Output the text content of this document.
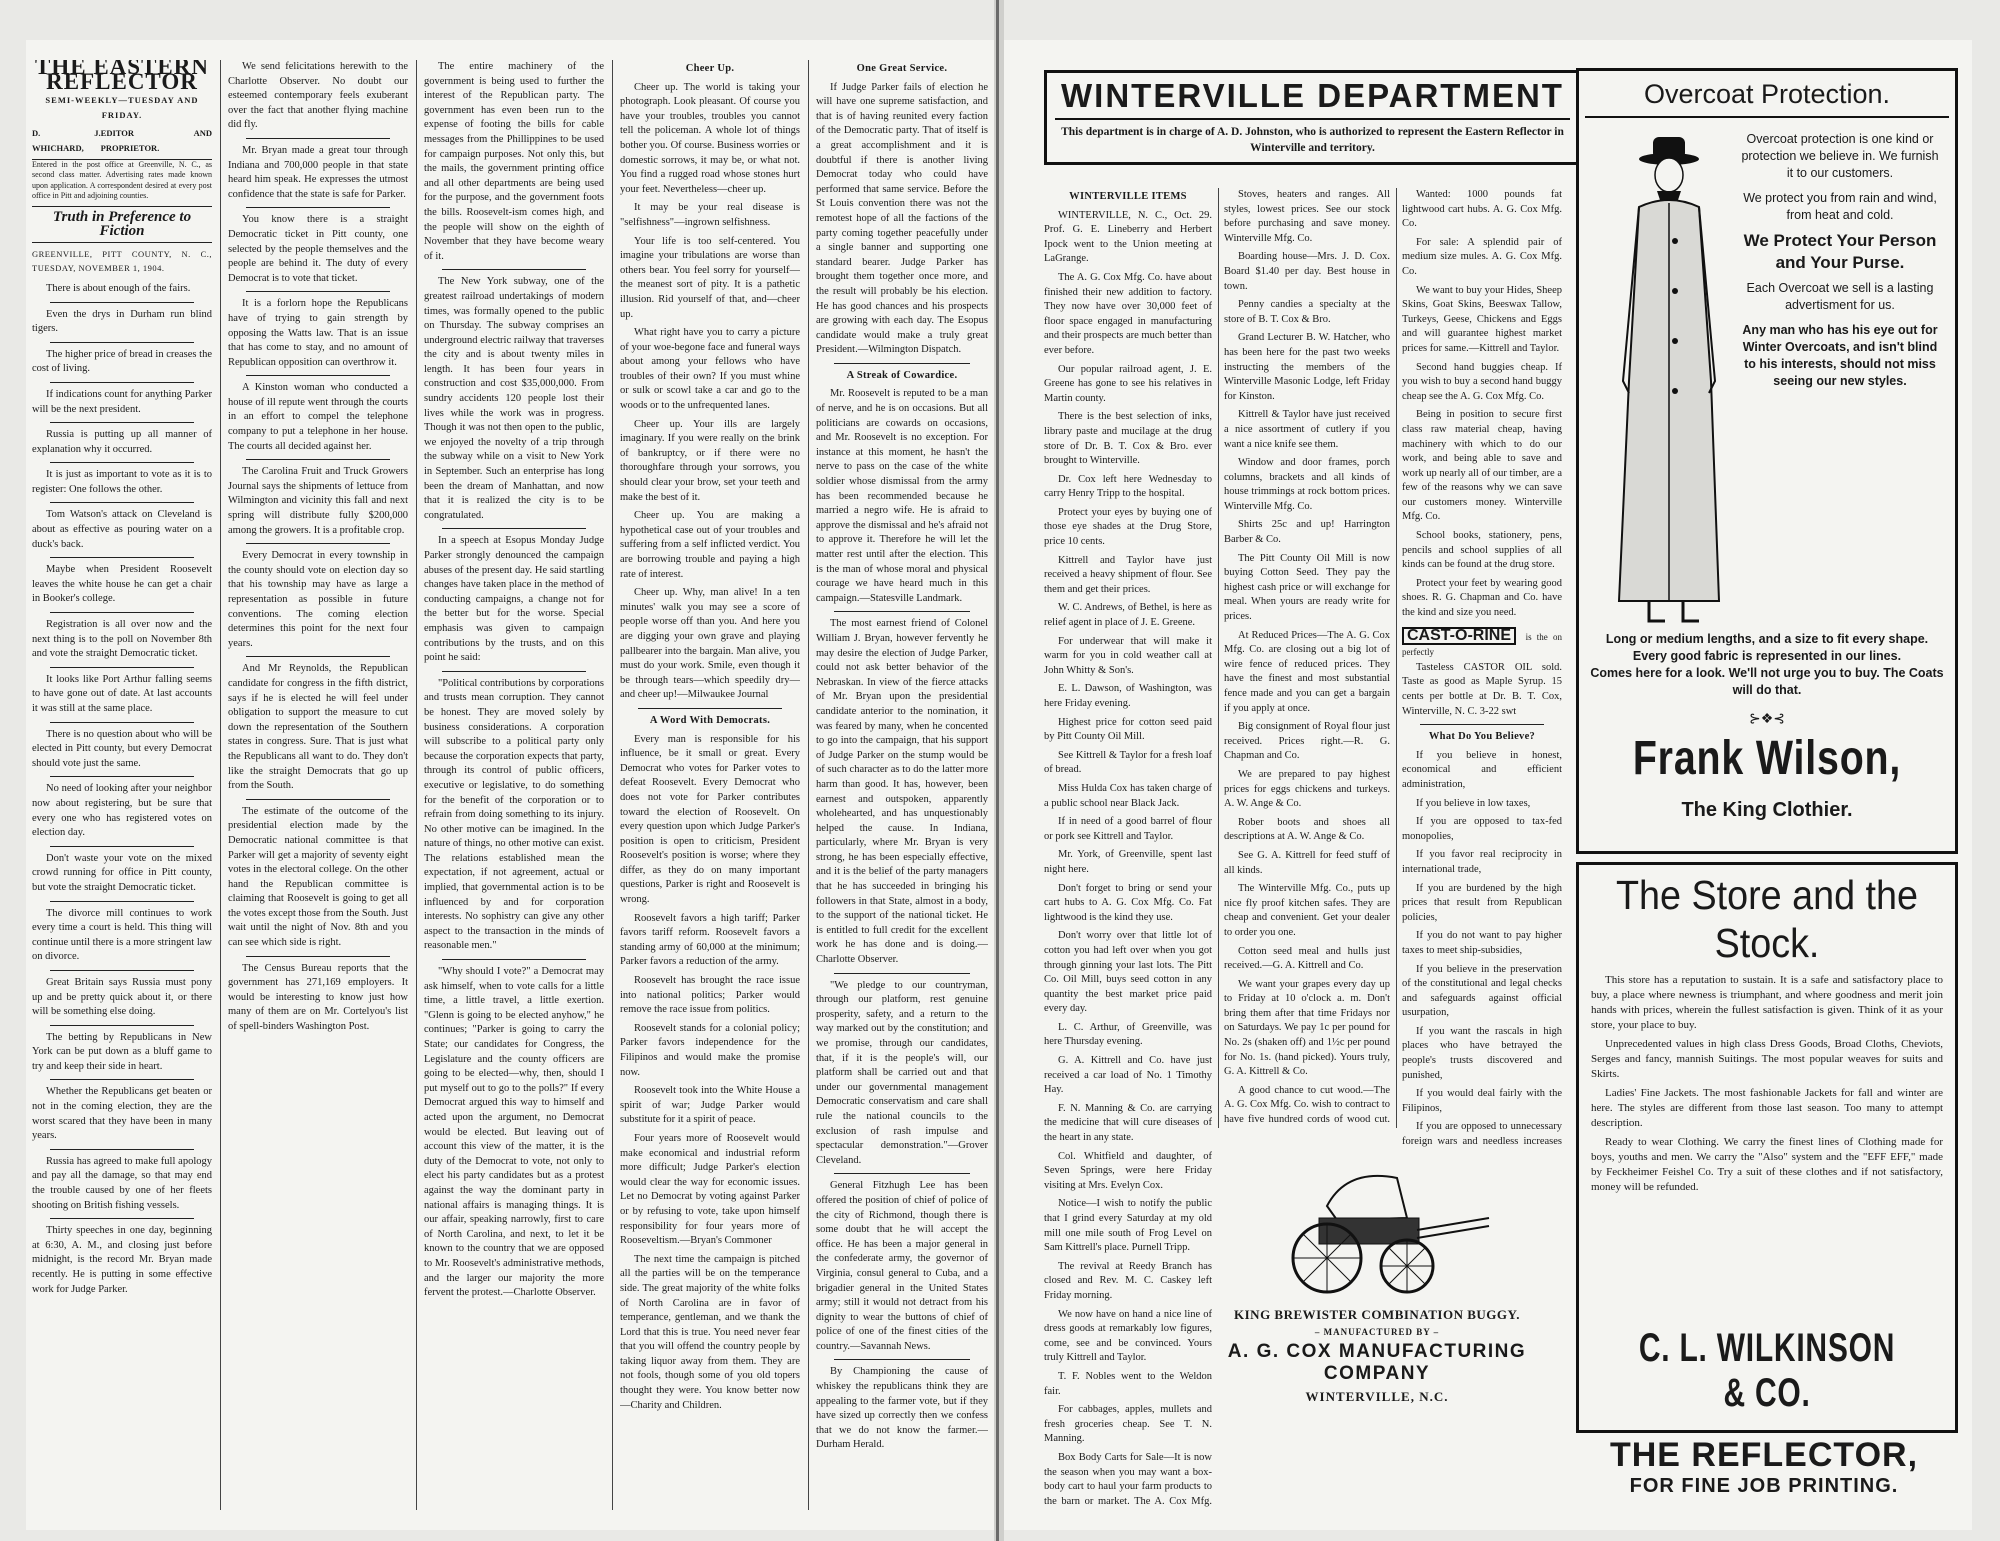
THE EASTERN REFLECTOR

SEMI-WEEKLY—TUESDAY AND FRIDAY.

D. J. WHICHARD,
EDITOR AND PROPRIETOR.

Entered in the post office at Greenville, N. C., as second class matter. Advertising rates made known upon application. A correspondent desired at every post office in Pitt and adjoining counties.

Truth in Preference to Fiction

GREENVILLE, PITT COUNTY, N. C., TUESDAY, NOVEMBER 1, 1904.

There is about enough of the fairs.

Even the drys in Durham run blind tigers.

The higher price of bread in creases the cost of living.

If indications count for anything Parker will be the next president.

Russia is putting up all manner of explanation why it occurred.

It is just as important to vote as it is to register: One follows the other.

Tom Watson's attack on Cleveland is about as effective as pouring water on a duck's back.

Maybe when President Roosevelt leaves the white house he can get a chair in Booker's college.

Registration is all over now and the next thing is to the poll on November 8th and vote the straight Democratic ticket.

It looks like Port Arthur falling seems to have gone out of date. At last accounts it was still at the same place.

There is no question about who will be elected in Pitt county, but every Democrat should vote just the same.

No need of looking after your neighbor now about registering, but be sure that every one who has registered votes on election day.

Don't waste your vote on the mixed crowd running for office in Pitt county, but vote the straight Democratic ticket.

The divorce mill continues to work every time a court is held. This thing will continue until there is a more stringent law on divorce.

Great Britain says Russia must pony up and be pretty quick about it, or there will be something else doing.

The betting by Republicans in New York can be put down as a bluff game to try and keep their side in heart.

Whether the Republicans get beaten or not in the coming election, they are the worst scared that they have been in many years.

Russia has agreed to make full apology and pay all the damage, so that may end the trouble caused by one of her fleets shooting on British fishing vessels.

Thirty speeches in one day, beginning at 6:30, A. M., and closing just before midnight, is the record Mr. Bryan made recently. He is putting in some effective work for Judge Parker.

We send felicitations herewith to the Charlotte Observer. No doubt our esteemed contemporary feels exuberant over the fact that another flying machine did fly.

Mr. Bryan made a great tour through Indiana and 700,000 people in that state heard him speak. He expresses the utmost confidence that the state is safe for Parker.

You know there is a straight Democratic ticket in Pitt county, one selected by the people themselves and the people are behind it. The duty of every Democrat is to vote that ticket.

It is a forlorn hope the Republicans have of trying to gain strength by opposing the Watts law. That is an issue that has come to stay, and no amount of Republican opposition can overthrow it.

A Kinston woman who conducted a house of ill repute went through the courts in an effort to compel the telephone company to put a telephone in her house. The courts all decided against her.

The Carolina Fruit and Truck Growers Journal says the shipments of lettuce from Wilmington and vicinity this fall and next spring will distribute fully $200,000 among the growers. It is a profitable crop.

Every Democrat in every township in the county should vote on election day so that his township may have as large a representation as possible in future conventions. The coming election determines this point for the next four years.

And Mr Reynolds, the Republican candidate for congress in the fifth district, says if he is elected he will feel under obligation to support the measure to cut down the representation of the Southern states in congress. Sure. That is just what the Republicans all want to do. They don't like the straight Democrats that go up from the South.

The estimate of the outcome of the presidential election made by the Democratic national committee is that Parker will get a majority of seventy eight votes in the electoral college. On the other hand the Republican committee is claiming that Roosevelt is going to get all the votes except those from the South. Just wait until the night of Nov. 8th and you can see which side is right.

The Census Bureau reports that the government has 271,169 employers. It would be interesting to know just how many of them are on Mr. Cortelyou's list of spell-binders Washington Post.

The entire machinery of the government is being used to further the interest of the Republican party. The government has even been run to the expense of footing the bills for cable messages from the Phillippines to be used for campaign purposes. Not only this, but the mails, the government printing office and all other departments are being used for the purpose, and the government foots the bills. Roosevelt-ism comes high, and the people will show on the eighth of November that they have become weary of it.

The New York subway, one of the greatest railroad undertakings of modern times, was formally opened to the public on Thursday. The subway comprises an underground electric railway that traverses the city and is about twenty miles in length. It has been four years in construction and cost $35,000,000. From sundry accidents 120 people lost their lives while the work was in progress. Though it was not then open to the public, we enjoyed the novelty of a trip through the subway while on a visit to New York in September. Such an enterprise has long been the dream of Manhattan, and now that it is realized the city is to be congratulated.

In a speech at Esopus Monday Judge Parker strongly denounced the campaign abuses of the present day. He said startling changes have taken place in the method of conducting campaigns, a change not for the better but for the worse. Special emphasis was given to campaign contributions by the trusts, and on this point he said:

"Political contributions by corporations and trusts mean corruption. They cannot be honest. They are moved solely by business considerations. A corporation will subscribe to a political party only because the corporation expects that party, through its control of public officers, executive or legislative, to do something for the benefit of the corporation or to refrain from doing something to its injury. No other motive can be imagined. In the nature of things, no other motive can exist. The relations established mean the expectation, if not agreement, actual or implied, that governmental action is to be influenced by and for corporation interests. No sophistry can give any other aspect to the transaction in the minds of reasonable men."

"Why should I vote?" a Democrat may ask himself, when to vote calls for a little time, a little travel, a little exertion. "Glenn is going to be elected anyhow," he continues; "Parker is going to carry the State; our candidates for Congress, the Legislature and the county officers are going to be elected—why, then, should I put myself out to go to the polls?" If every Democrat argued this way to himself and acted upon the argument, no Democrat would be elected. But leaving out of account this view of the matter, it is the duty of the Democrat to vote, not only to elect his party candidates but as a protest against the way the dominant party in national affairs is managing things. It is our affair, speaking narrowly, first to care of North Carolina, and next, to let it be known to the country that we are opposed to Mr. Roosevelt's administrative methods, and the larger our majority the more fervent the protest.—Charlotte Observer.

Cheer Up.

Cheer up. The world is taking your photograph. Look pleasant. Of course you have your troubles, troubles you cannot tell the policeman. A whole lot of things bother you. Of course. Business worries or domestic sorrows, it may be, or what not. You find a rugged road whose stones hurt your feet. Nevertheless—cheer up.

It may be your real disease is "selfishness"—ingrown selfishness.

Your life is too self-centered. You imagine your tribulations are worse than others bear. You feel sorry for yourself—the meanest sort of pity. It is a pathetic illusion. Rid yourself of that, and—cheer up.

What right have you to carry a picture of your woe-begone face and funeral ways about among your fellows who have troubles of their own? If you must whine or sulk or scowl take a car and go to the woods or to the unfrequented lanes.

Cheer up. Your ills are largely imaginary. If you were really on the brink of bankruptcy, or if there were no thoroughfare through your sorrows, you should clear your brow, set your teeth and make the best of it.

Cheer up. You are making a hypothetical case out of your troubles and suffering from a self inflicted verdict. You are borrowing trouble and paying a high rate of interest.

Cheer up. Why, man alive! In a ten minutes' walk you may see a score of people worse off than you. And here you are digging your own grave and playing pallbearer into the bargain. Man alive, you must do your work. Smile, even though it be through tears—which speedily dry—and cheer up!—Milwaukee Journal

A Word With Democrats.

Every man is responsible for his influence, be it small or great. Every Democrat who votes for Parker votes to defeat Roosevelt. Every Democrat who does not vote for Parker contributes toward the election of Roosevelt. On every question upon which Judge Parker's position is open to criticism, President Roosevelt's position is worse; where they differ, as they do on many important questions, Parker is right and Roosevelt is wrong.

Roosevelt favors a high tariff; Parker favors tariff reform. Roosevelt favors a standing army of 60,000 at the minimum; Parker favors a reduction of the army.

Roosevelt has brought the race issue into national politics; Parker would remove the race issue from politics.

Roosevelt stands for a colonial policy; Parker favors independence for the Filipinos and would make the promise now.

Roosevelt took into the White House a spirit of war; Judge Parker would substitute for it a spirit of peace.

Four years more of Roosevelt would make economical and industrial reform more difficult; Judge Parker's election would clear the way for economic issues. Let no Democrat by voting against Parker or by refusing to vote, take upon himself responsibility for four years more of Rooseveltism.—Bryan's Commoner

The next time the campaign is pitched all the parties will be on the temperance side. The great majority of the white folks of North Carolina are in favor of temperance, gentleman, and we thank the Lord that this is true. You need never fear that you will offend the country people by taking liquor away from them. They are not fools, though some of you old topers thought they were. You know better now—Charity and Children.

One Great Service.

If Judge Parker fails of election he will have one supreme satisfaction, and that is of having reunited every faction of the Democratic party. That of itself is a great accomplishment and it is doubtful if there is another living Democrat today who could have performed that same service. Before the St Louis convention there was not the remotest hope of all the factions of the party coming together peacefully under a single banner and supporting one standard bearer. Judge Parker has brought them together once more, and the result will probably be his election. He has good chances and his prospects are growing with each day. The Esopus candidate would make a truly great President.—Wilmington Dispatch.

A Streak of Cowardice.

Mr. Roosevelt is reputed to be a man of nerve, and he is on occasions. But all politicians are cowards on occasions, and Mr. Roosevelt is no exception. For instance at this moment, he hasn't the nerve to pass on the case of the white soldier whose dismissal from the army has been recommended because he married a negro wife. He is afraid to approve the dismissal and he's afraid not to approve it. Therefore he will let the matter rest until after the election. This is the man of whose moral and physical courage we have heard much in this campaign.—Statesville Landmark.

The most earnest friend of Colonel William J. Bryan, however fervently he may desire the election of Judge Parker, could not ask better behavior of the Nebraskan. In view of the fierce attacks of Mr. Bryan upon the presidential candidate anterior to the nomination, it was feared by many, when he concented to go into the campaign, that his support of Judge Parker on the stump would be of such character as to do the latter more harm than good. It has, however, been earnest and outspoken, apparently wholehearted, and has unquestionably helped the cause. In Indiana, particularly, where Mr. Bryan is very strong, he has been especially effective, and it is the belief of the party managers that he has succeeded in bringing his followers in that State, almost in a body, to the support of the national ticket. He is entitled to full credit for the excellent work he has done and is doing.—Charlotte Observer.

"We pledge to our countryman, through our platform, rest genuine prosperity, safety, and a return to the way marked out by the constitution; and we promise, through our candidates, that, if it is the people's will, our platform shall be carried out and that under our governmental management Democratic conservatism and care shall rule the national councils to the exclusion of rash impulse and spectacular demonstration."—Grover Cleveland.

General Fitzhugh Lee has been offered the position of chief of police of the city of Richmond, though there is some doubt that he will accept the office. He has been a major general in the confederate army, the governor of Virginia, consul general to Cuba, and a brigadier general in the United States army; still it would not detract from his dignity to wear the buttons of chief of police of one of the finest cities of the country.—Savannah News.

By Championing the cause of whiskey the republicans think they are appealing to the farmer vote, but if they have sized up correctly then we confess that we do not know the farmer.—Durham Herald.

WINTERVILLE DEPARTMENT
This department is in charge of A. D. Johnston, who is authorized to represent the Eastern Reflector in Winterville and territory.
WINTERVILLE ITEMS

WINTERVILLE, N. C., Oct. 29. Prof. G. E. Lineberry and Herbert Ipock went to the Union meeting at LaGrange.

The A. G. Cox Mfg. Co. have about finished their new addition to factory. They now have over 30,000 feet of floor space engaged in manufacturing and their prospects are much better than ever before.

Our popular railroad agent, J. E. Greene has gone to see his relatives in Martin county.

There is the best selection of inks, library paste and mucilage at the drug store of Dr. B. T. Cox & Bro. ever brought to Winterville.

Dr. Cox left here Wednesday to carry Henry Tripp to the hospital.

Protect your eyes by buying one of those eye shades at the Drug Store, price 10 cents.

Kittrell and Taylor have just received a heavy shipment of flour. See them and get their prices.

W. C. Andrews, of Bethel, is here as relief agent in place of J. E. Greene.

For underwear that will make it warm for you in cold weather call at John Whitty & Son's.

E. L. Dawson, of Washington, was here Friday evening.

Highest price for cotton seed paid by Pitt County Oil Mill.

See Kittrell & Taylor for a fresh loaf of bread.

Miss Hulda Cox has taken charge of a public school near Black Jack.

If in need of a good barrel of flour or pork see Kittrell and Taylor.

Mr. York, of Greenville, spent last night here.

Don't forget to bring or send your cart hubs to A. G. Cox Mfg. Co. Fat lightwood is the kind they use.

Don't worry over that little lot of cotton you had left over when you got through ginning your last lots. The Pitt Co. Oil Mill, buys seed cotton in any quantity the best market price paid every day.

L. C. Arthur, of Greenville, was here Thursday evening.

G. A. Kittrell and Co. have just received a car load of No. 1 Timothy Hay.

F. N. Manning & Co. are carrying the medicine that will cure diseases of the heart in any state.

Col. Whitfield and daughter, of Seven Springs, were here Friday visiting at Mrs. Evelyn Cox.

Notice—I wish to notify the public that I grind every Saturday at my old mill one mile south of Frog Level on Sam Kittrell's place. Purnell Tripp.

The revival at Reedy Branch has closed and Rev. M. C. Caskey left Friday morning.

We now have on hand a nice line of dress goods at remarkably low figures, come, see and be convinced. Yours truly Kittrell and Taylor.

T. F. Nobles went to the Weldon fair.

For cabbages, apples, mullets and fresh groceries cheap. See T. N. Manning.

Box Body Carts for Sale—It is now the season when you may want a box-body cart to haul your farm products to the barn or market. The A. Cox Mfg.

Stoves, heaters and ranges. All styles, lowest prices. See our stock before purchasing and save money. Winterville Mfg. Co.

Boarding house—Mrs. J. D. Cox. Board $1.40 per day. Best house in town.

Penny candies a specialty at the store of B. T. Cox & Bro.

Grand Lecturer B. W. Hatcher, who has been here for the past two weeks instructing the members of the Winterville Masonic Lodge, left Friday for Kinston.

Kittrell & Taylor have just received a nice assortment of cutlery if you want a nice knife see them.

Window and door frames, porch columns, brackets and all kinds of house trimmings at rock bottom prices. Winterville Mfg. Co.

Shirts 25c and up! Harrington Barber & Co.

The Pitt County Oil Mill is now buying Cotton Seed. They pay the highest cash price or will exchange for meal. When yours are ready write for prices.

At Reduced Prices—The A. G. Cox Mfg. Co. are closing out a big lot of wire fence of reduced prices. They have the finest and most substantial fence made and you can get a bargain if you apply at once.

Big consignment of Royal flour just received. Prices right.—R. G. Chapman and Co.

We are prepared to pay highest prices for eggs chickens and turkeys. A. W. Ange & Co.

Rober boots and shoes all descriptions at A. W. Ange & Co.

See G. A. Kittrell for feed stuff of all kinds.

The Winterville Mfg. Co., puts up nice fly proof kitchen safes. They are cheap and convenient. Get your dealer to order you one.

Cotton seed meal and hulls just received.—G. A. Kittrell and Co.

We want your grapes every day up to Friday at 10 o'clock a. m. Don't bring them after that time Fridays nor on Saturdays. We pay 1c per pound for No. 2s (shaken off) and 1½c per pound for No. 1s. (hand picked). Yours truly, G. A. Kittrell & Co.

A good chance to cut wood.—The A. G. Cox Mfg. Co. wish to contract to have five hundred cords of wood cut.

Wanted: 1000 pounds fat lightwood cart hubs. A. G. Cox Mfg. Co.

For sale: A splendid pair of medium size mules. A. G. Cox Mfg. Co.

We want to buy your Hides, Sheep Skins, Goat Skins, Beeswax Tallow, Turkeys, Geese, Chickens and Eggs and will guarantee highest market prices for same.—Kittrell and Taylor.

Second hand buggies cheap. If you wish to buy a second hand buggy cheap see the A. G. Cox Mfg. Co.

Being in position to secure first class raw material cheap, having machinery with which to do our work, and being able to save and work up nearly all of our timber, are a few of the reasons why we can save our customers money. Winterville Mfg. Co.

School books, stationery, pens, pencils and school supplies of all kinds can be found at the drug store.

Protect your feet by wearing good shoes. R. G. Chapman and Co. have the kind and size you need.

CAST-O-RINE is the on perfectly

Tasteless CASTOR OIL sold. Taste as good as Maple Syrup. 15 cents per bottle at Dr. B. T. Cox, Winterville, N. C. 3-22 swt

What Do You Believe?

If you believe in honest, economical and efficient administration,

If you believe in low taxes,

If you are opposed to tax-fed monopolies,

If you favor real reciprocity in international trade,

If you are burdened by the high prices that result from Republican policies,

If you do not want to pay higher taxes to meet ship-subsidies,

If you believe in the preservation of the constitutional and legal checks and safeguards against official usurpation,

If you want the rascals in high places who have betrayed the people's trusts discovered and punished,

If you would deal fairly with the Filipinos,

If you are opposed to unnecessary foreign wars and needless increases

KING BREWISTER COMBINATION BUGGY.
– MANUFACTURED BY –
A. G. COX MANUFACTURING COMPANY
WINTERVILLE, N.C.
Overcoat Protection.
Overcoat protection is one kind or protection we believe in. We furnish it to our customers.
We protect you from rain and wind, from heat and cold.
We Protect Your Person and Your Purse.
Each Overcoat we sell is a lasting advertisment for us.
Any man who has his eye out for Winter Overcoats, and isn't blind to his interests, should not miss seeing our new styles.
Long or medium lengths, and a size to fit every shape.
Every good fabric is represented in our lines.
Comes here for a look. We'll not urge you to buy. The Coats will do that.
⊱❖⊰
Frank Wilson,
The King Clothier.
The Store and the Stock.

This store has a reputation to sustain. It is a safe and satisfactory place to buy, a place where newness is triumphant, and where goodness and merit join hands with prices, wherein the fullest satisfaction is given. Think of it as your store, your place to buy.

Unprecedented values in high class Dress Goods, Broad Cloths, Cheviots, Serges and fancy, mannish Suitings. The most popular weaves for suits and Skirts.

Ladies' Fine Jackets. The most fashionable Jackets for fall and winter are here. The styles are different from those last season. Too many to attempt description.

Ready to wear Clothing. We carry the finest lines of Clothing made for boys, youths and men. We carry the "Also" system and the "EFF EFF," made by Feckheimer Feishel Co. Try a suit of these clothes and if not satisfactory, money will be refunded.

C. L. WILKINSON & CO.
THE REFLECTOR,
FOR FINE JOB PRINTING.
